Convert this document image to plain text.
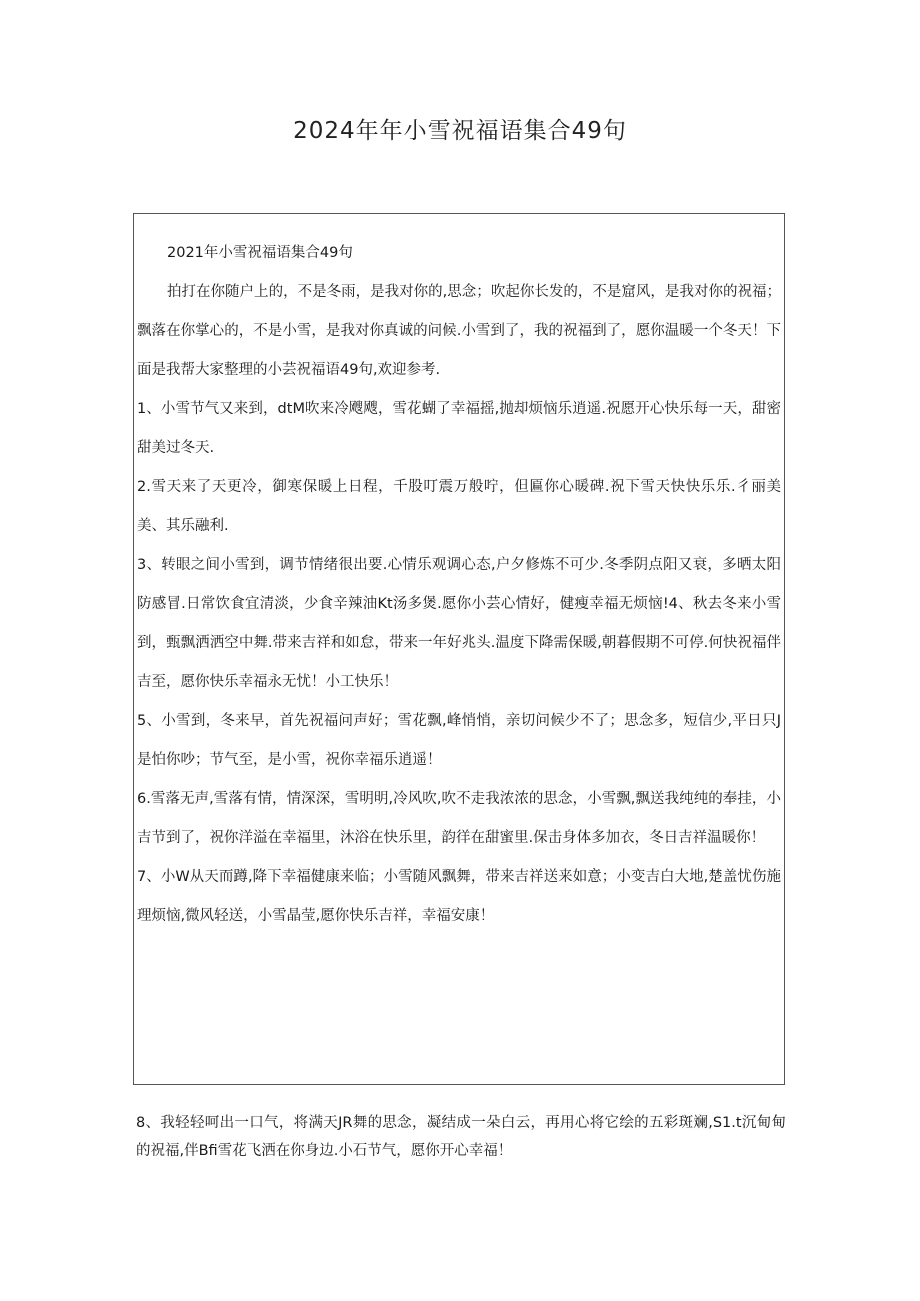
2024年年小雪祝福语集合49句

2021年小雪祝福语集合49句

拍打在你随户上的，不是冬雨，是我对你的,思念；吹起你长发的，不是窟风，是我对你的祝福；飘落在你掌心的，不是小雪，是我对你真诚的问候.小雪到了，我的祝福到了，愿你温暖一个冬天！下面是我帮大家整理的小芸祝福语49句,欢迎参考.

1、小雪节气又来到，dtM吹来冷飕飕，雪花蝴了幸福摇,抛却烦恼乐逍遥.祝愿开心快乐每一天，甜密甜美过冬天.

2.雪天来了天更冷，御寒保暖上日程，千股叮震万般咛，但匾你心暖碑.祝下雪天快快乐乐.彳丽美美、其乐融利.

3、转眼之间小雪到，调节情绪很出要.心情乐观调心态,户夕修炼不可少.冬季阴点阳又衰，多晒太阳防感冒.日常饮食宜清淡，少食辛辣油Kt汤多煲.愿你小芸心情好，健瘦幸福无烦恼!4、秋去冬来小雪到，甄飘洒洒空中舞.带来吉祥和如怠，带来一年好兆头.温度下降需保暖,朝暮假期不可停.何快祝福伴吉至，愿你快乐幸福永无忧！小工快乐！

5、小雪到，冬来早，首先祝福问声好；雪花飘,峰悄悄，亲切问候少不了；思念多，短信少,平日只J是怕你吵；节气至，是小雪，祝你幸福乐逍遥！

6.雪落无声,雪落有情，情深深，雪明明,冷风吹,吹不走我浓浓的思念，小雪飘,飘送我纯纯的奉挂，小吉节到了，祝你洋溢在幸福里，沐浴在快乐里，韵徉在甜蜜里.保击身体多加衣，冬日吉祥温暖你！

7、小W从天而蹲,降下幸福健康来临；小雪随风飘舞，带来吉祥送来如意；小变吉白大地,楚盖忧伤施理烦恼,微风轻送，小雪晶莹,愿你快乐吉祥，幸福安康！

8、我轻轻呵出一口气，将满天JR舞的思念，凝结成一朵白云，再用心将它绘的五彩斑斓,S1.t沉甸甸的祝福,伴Bfi雪花飞洒在你身边.小石节气，愿你开心幸福！
